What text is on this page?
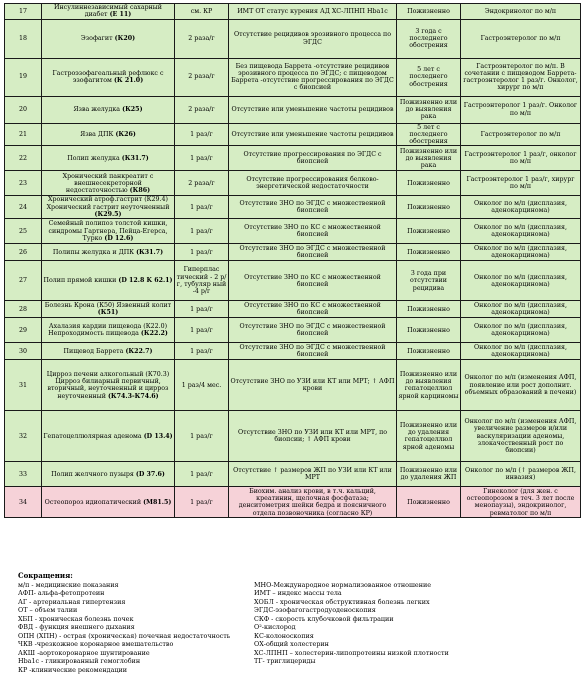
17	Инсулиннезависимый сахарный диабет (Е 11)	см. КР	ИМТ ОТ статус курения АД ХС-ЛПНП Hba1c	Пожизненно	Эндокринолог по м/п
18	Эзофагит (К20)	2 раза/г	Отсутствие рецидивов эрозивного процесса по ЭГДС	3 года с последнего обострения	Гастроэнтеролог по м/п
19	Гастроэзофагеальный рефлюкс с эзофагитом (К 21.0)	2 раза/г	Без пищевода Баррета -отсутствие рецидивов эрозивного процесса по ЭГДС; с пищеводом Баррета -отсутствие прогрессирования по ЭГДС с биопсией	5 лет с последнего обострения	Гастроэнтеролог по м/п. В сочетании с пищеводом Баррета-гастроэнтеролог 1 раз/г. Онколог, хирург по м/п
20	Язва желудка (К25)	2 раза/г	Отсутствие или уменьшение частоты рецидивов	Пожизненно или до выявления рака	Гастроэнтеролог 1 раз/г. Онколог по м/п
21	Язва ДПК (К26)	1 раз/г	Отсутствие или уменьшение частоты рецидивов	5 лет с последнего обострения	Гастроэнтеролог по м/п
22	Полип желудка (К31.7)	1 раз/г	Отсутствие прогрессирования по ЭГДС с биопсией	Пожизненно или до выявления рака	Гастроэнтеролог 1 раз/г, онколог по м/п
23	Хронический панкреатит с внешнесекреторной недостаточностью (К86)	2 раза/г	Отсутствие прогрессирования белково-энергетической недостаточности	Пожизненно	Гастроэнтеролог 1 раз/г, хирург по м/п
24	Хронический атроф.гастрит (К29.4) Хронический гастрит неуточненный (К29.5)	1 раз/г	Отсутствие ЗНО по ЭГДС с множественной биопсией	Пожизненно	Онколог по м/п (дисплазия, аденокарцинома)
25	Семейный полипоз толстой кишки, синдромы Гартнера, Пейца-Егерса, Турко (D 12.6)	1 раз/г	Отсутствие ЗНО по КС с множественной биопсией	Пожизненно	Онколог по м/п (дисплазия, аденокарцинома)
26	Полипы желудка и ДПК (К31.7)	1 раз/г	Отсутствие ЗНО по ЭГДС с множественной биопсией	Пожизненно	Онколог по м/п (дисплазия, аденокарцинома)
27	Полип прямой кишки (D 12.8 K 62.1)	Гиперплас тический - 2 р/г, тубуляр ный -4 р/г	Отсутствие ЗНО по КС с множественной биопсией	3 года при отсутствии рецидива	Онколог по м/п (дисплазия, аденокарцинома)
28	Болезнь Крона (К50) Язвенный колит (К51)	1 раз/г	Отсутствие ЗНО по КС с множественной биопсией	Пожизненно	Онколог по м/п (дисплазия, аденокарцинома)
29	Ахалазия кардии пищевода (К22.0) Непроходимость пищевода (К22.2)	1 раз/г	Отсутствие ЗНО по ЭГДС с множественной биопсией	Пожизненно	Онколог по м/п (дисплазия, аденокарцинома)
30	Пищевод Баррета (К22.7)	1 раз/г	Отсутствие ЗНО по ЭГДС с множественной биопсией	Пожизненно	Онколог по м/п (дисплазия, аденокарцинома)
31	Цирроз печени алкогольный (К70.3) Цирроз билиарный первичный, вторичный, неуточненный и цирроз неуточненный (К74.3-К74.6)	1 раз/4 мес.	Отсутствие ЗНО по УЗИ или КТ или МРТ; ↑ АФП крови	Пожизненно или до выявления гепатоцеллюл ярной карциномы	Онколог по м/п (изменения АФП, появление или рост дополнит. объемных образований в печени)
32	Гепатоцеллюлярная аденома (D 13.4)	1 раз/г	Отсутствие ЗНО по УЗИ или КТ или МРТ, по биопсии; ↑ АФП крови	Пожизненно или до удаления гепатоцеллюл ярной аденомы	Онколог по м/п (изменения АФП, увеличение размеров и/или васкуляризации аденомы, злокачественный рост по биопсии)
33	Полип желчного пузыря (D 37.6)	1 раз/г	Отсутствие ↑ размеров ЖП по УЗИ или КТ или МРТ	Пожизненно или до удаления ЖП	Онколог по м/п (↑ размеров ЖП, инвазия)
34	Остеопороз идиопатический (М81.5)	1 раз/г	Биохим. анализ крови, в т.ч. кальций, креатинин, щелочная фосфатаза; денситометрия шейки бедра и поясничного отдела позвоночника (согласно КР)	Пожизненно	Гинеколог (для жен. с остеопорозом в теч. 3 лет после менопаузы), эндокринолог, ревматолог по м/п
Сокращения:
м/п - медицинские показания
АФП- альфа-фетопротеин
АГ - артериальная гипертензия
ОТ – объем талии
ХБП - хроническая болезнь почек
ФВД - функция внешнего дыхания
ОПН (ХПН) - острая (хроническая) почечная недостаточность
ЧКВ -чрезкожное коронарное вмешательство
АКШ -аортокоронарное шунтирование
Hba1c - гликированный гемоглобин
КР -клинические рекомендации
МНО-Международное нормализованное отношение
ИМТ – индекс массы тела
ХОБЛ - хроническая обструктивная болезнь легких
ЭГДС-эзофагогастродуоденоскопия
СКФ - скорость клубочковой фильтрации
О²-кислород
КС-колоноскопия
ОХ-общий холестерин
ХС-ЛПНП – холестерин-липопротеины низкой плотности
ТГ- триглицериды
